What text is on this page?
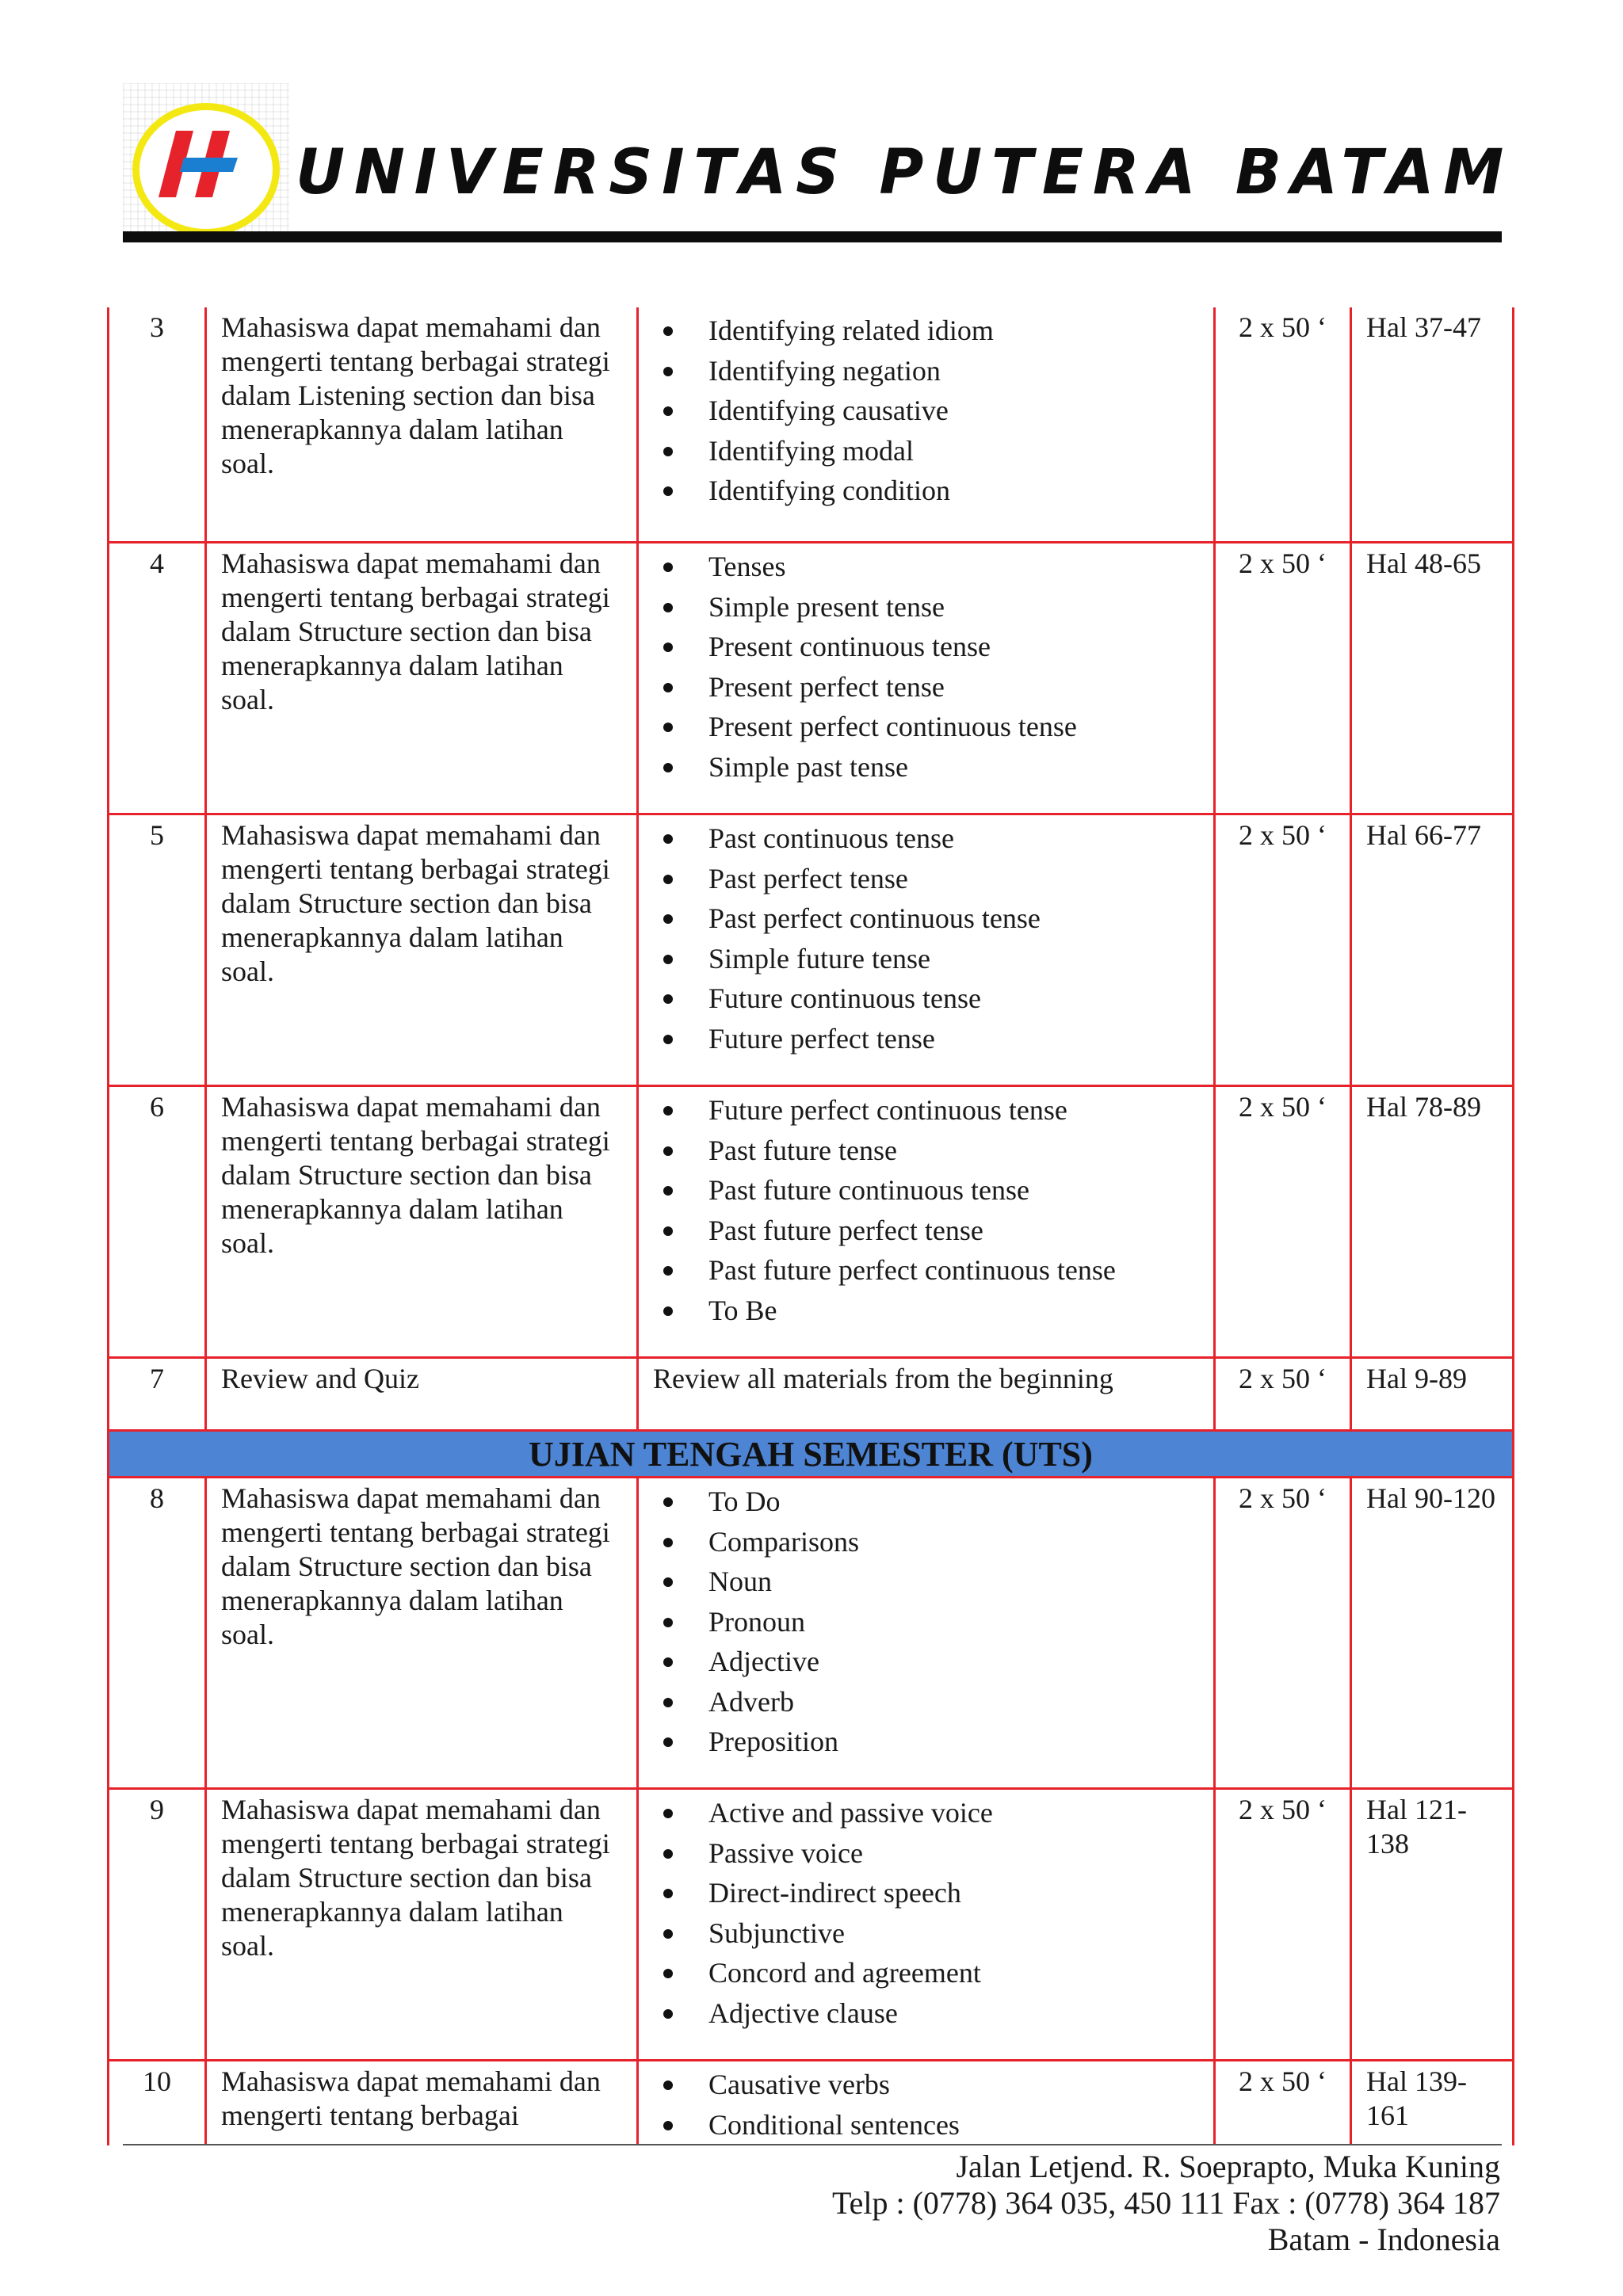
UNIVERSITAS PUTERA BATAM
3	Mahasiswa dapat memahami dan mengerti tentang berbagai strategi dalam Listening section dan bisa menerapkannya dalam latihan soal.
Identifying related idiom
Identifying negation
Identifying causative
Identifying modal
Identifying condition
2 x 50 ‘	Hal 37-47
4	Mahasiswa dapat memahami dan mengerti tentang berbagai strategi dalam Structure section dan bisa menerapkannya dalam latihan soal.
Tenses
Simple present tense
Present continuous tense
Present perfect tense
Present perfect continuous tense
Simple past tense
2 x 50 ‘	Hal 48-65
5	Mahasiswa dapat memahami dan mengerti tentang berbagai strategi dalam Structure section dan bisa menerapkannya dalam latihan soal.
Past continuous tense
Past perfect tense
Past perfect continuous tense
Simple future tense
Future continuous tense
Future perfect tense
2 x 50 ‘	Hal 66-77
6	Mahasiswa dapat memahami dan mengerti tentang berbagai strategi dalam Structure section dan bisa menerapkannya dalam latihan soal.
Future perfect continuous tense
Past future tense
Past future continuous tense
Past future perfect tense
Past future perfect continuous tense
To Be
2 x 50 ‘	Hal 78-89
7	Review and Quiz	Review all materials from the beginning	2 x 50 ‘	Hal 9-89
UJIAN TENGAH SEMESTER (UTS)
8	Mahasiswa dapat memahami dan mengerti tentang berbagai strategi dalam Structure section dan bisa menerapkannya dalam latihan soal.
To Do
Comparisons
Noun
Pronoun
Adjective
Adverb
Preposition
2 x 50 ‘	Hal 90-120
9	Mahasiswa dapat memahami dan mengerti tentang berbagai strategi dalam Structure section dan bisa menerapkannya dalam latihan soal.
Active and passive voice
Passive voice
Direct-indirect speech
Subjunctive
Concord and agreement
Adjective clause
2 x 50 ‘	Hal 121-138
10	Mahasiswa dapat memahami dan mengerti tentang berbagai
Causative verbs
Conditional sentences
2 x 50 ‘	Hal 139-161
Jalan Letjend. R. Soeprapto, Muka Kuning
Telp : (0778) 364 035, 450 111 Fax : (0778) 364 187
Batam - Indonesia
